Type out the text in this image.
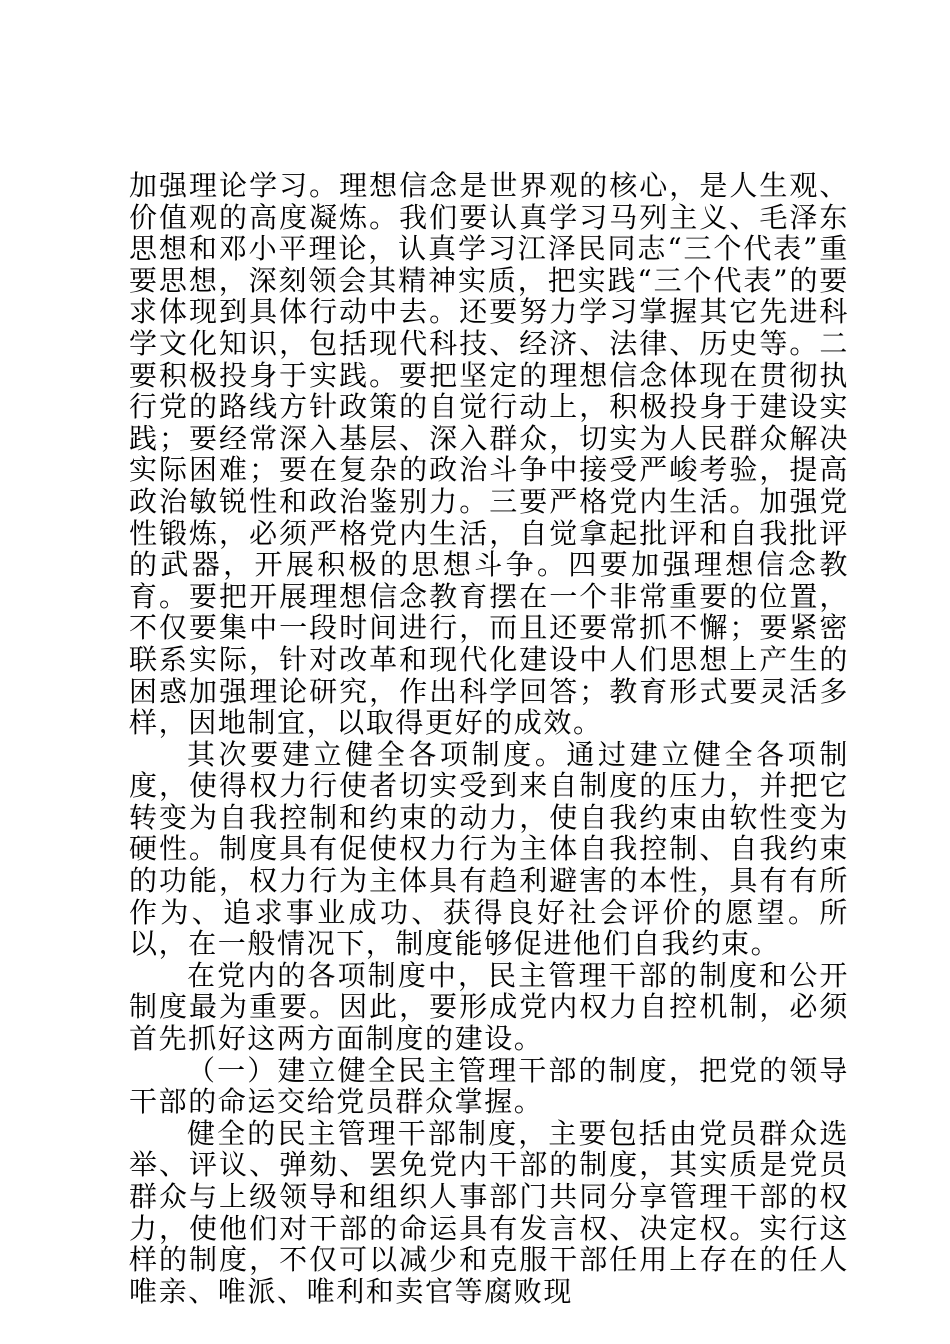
加强理论学习。理想信念是世界观的核心，是人生观、价值观的高度凝炼。我们要认真学习马列主义、毛泽东思想和邓小平理论，认真学习江泽民同志“三个代表”重要思想，深刻领会其精神实质，把实践“三个代表”的要求体现到具体行动中去。还要努力学习掌握其它先进科学文化知识，包括现代科技、经济、法律、历史等。二要积极投身于实践。要把坚定的理想信念体现在贯彻执行党的路线方针政策的自觉行动上，积极投身于建设实践；要经常深入基层、深入群众，切实为人民群众解决实际困难；要在复杂的政治斗争中接受严峻考验，提高政治敏锐性和政治鉴别力。三要严格党内生活。加强党性锻炼，必须严格党内生活，自觉拿起批评和自我批评的武器，开展积极的思想斗争。四要加强理想信念教育。要把开展理想信念教育摆在一个非常重要的位置，不仅要集中一段时间进行，而且还要常抓不懈；要紧密联系实际，针对改革和现代化建设中人们思想上产生的困惑加强理论研究，作出科学回答；教育形式要灵活多样，因地制宜，以取得更好的成效。

其次要建立健全各项制度。通过建立健全各项制度，使得权力行使者切实受到来自制度的压力，并把它转变为自我控制和约束的动力，使自我约束由软性变为硬性。制度具有促使权力行为主体自我控制、自我约束的功能，权力行为主体具有趋利避害的本性，具有有所作为、追求事业成功、获得良好社会评价的愿望。所以，在一般情况下，制度能够促进他们自我约束。

在党内的各项制度中，民主管理干部的制度和公开制度最为重要。因此，要形成党内权力自控机制，必须首先抓好这两方面制度的建设。

（一）建立健全民主管理干部的制度，把党的领导干部的命运交给党员群众掌握。

健全的民主管理干部制度，主要包括由党员群众选举、评议、弹劾、罢免党内干部的制度，其实质是党员群众与上级领导和组织人事部门共同分享管理干部的权力，使他们对干部的命运具有发言权、决定权。实行这样的制度，不仅可以减少和克服干部任用上存在的任人唯亲、唯派、唯利和卖官等腐败现
